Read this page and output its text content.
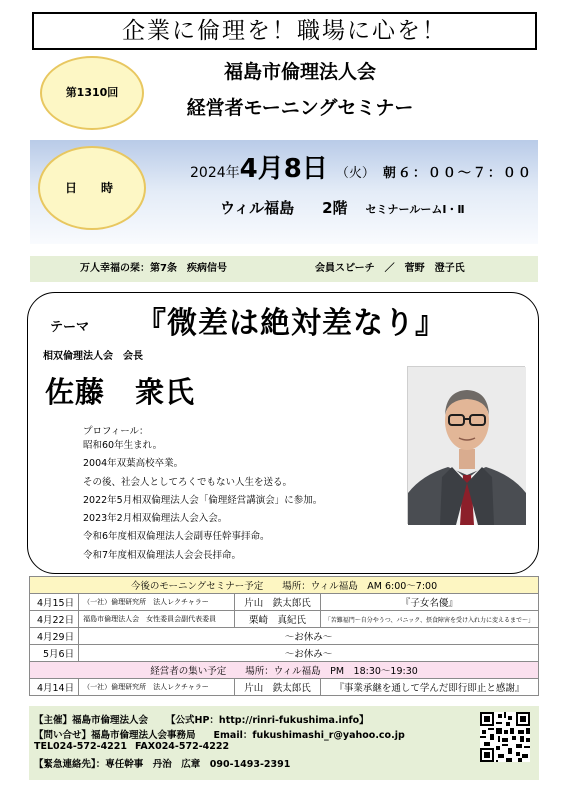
企業に倫理を！職場に心を！
第1310回
福島市倫理法人会
経営者モーニングセミナー
日　時
2024年4月8日 （火） 朝６：００～７：００
ウィル福島 2階 セミナールームⅠ・Ⅱ
万人幸福の栞：第7条　疾病信号	会員スピーチ　／　菅野　澄子氏
テーマ 『微差は絶対差なり』
相双倫理法人会　会長
佐藤　衆氏
プロフィール：
昭和60年生まれ。
2004年双葉高校卒業。
その後、社会人としてろくでもない人生を送る。
2022年5月相双倫理法人会「倫理経営講演会」に参加。
2023年2月相双倫理法人会入会。
令和6年度相双倫理法人会副専任幹事拝命。
令和7年度相双倫理法人会会長拝命。
今後のモーニングセミナー予定　　場所：ウィル福島　AM 6:00～7:00			
4月15日	（一社）倫理研究所　法人レクチャラー	片山　鉄太郎氏	『子女名優』
4月22日	福島市倫理法人会　女性委員会副代表委員	栗崎　真紀氏	「苦難福門～自分やうつ、パニック、摂食障害を受け入れ力に変えるまで～」
4月29日	～お休み～		
5月6日	～お休み～		
経営者の集い予定　　場所：ウィル福島　PM　18:30～19:30			
4月14日	（一社）倫理研究所　法人レクチャラー	片山　鉄太郎氏	『事業承継を通して学んだ即行即止と感謝』

【主催】福島市倫理法人会 【公式HP：http://rinri-fukushima.info】

【問い合せ】福島市倫理法人会事務局 Email：fukushimashi_r@yahoo.co.jp

TEL024-572-4221 FAX024-572-4222

【緊急連絡先】：専任幹事　丹治　広章　090-1493-2391
